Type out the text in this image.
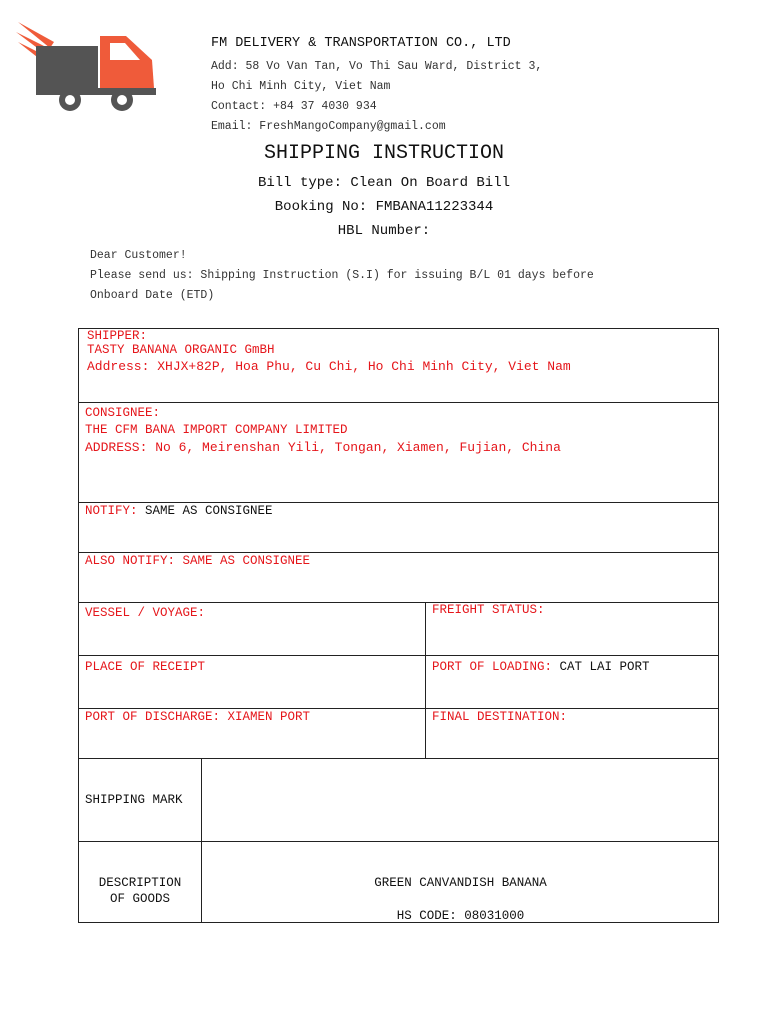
FM DELIVERY & TRANSPORTATION CO., LTD
Add: 58 Vo Van Tan, Vo Thi Sau Ward, District 3,
Ho Chi Minh City, Viet Nam
Contact: +84 37 4030 934
Email: FreshMangoCompany@gmail.com
SHIPPING INSTRUCTION
Bill type: Clean On Board Bill
Booking No: FMBANA11223344
HBL Number:
Dear Customer!
Please send us: Shipping Instruction (S.I) for issuing B/L 01 days before
Onboard Date (ETD)
SHIPPER:
TASTY BANANA ORGANIC GmBH
Address: XHJX+82P, Hoa Phu, Cu Chi, Ho Chi Minh City, Viet Nam
CONSIGNEE:
THE CFM BANA IMPORT COMPANY LIMITED
ADDRESS: No 6, Meirenshan Yili, Tongan, Xiamen, Fujian, China
NOTIFY: SAME AS CONSIGNEE
ALSO NOTIFY: SAME AS CONSIGNEE
VESSEL / VOYAGE:	FREIGHT STATUS:
PLACE OF RECEIPT	PORT OF LOADING: CAT LAI PORT
PORT OF DISCHARGE: XIAMEN PORT	FINAL DESTINATION:
SHIPPING MARK
DESCRIPTION
OF GOODS
GREEN CANVANDISH BANANA
HS CODE: 08031000
